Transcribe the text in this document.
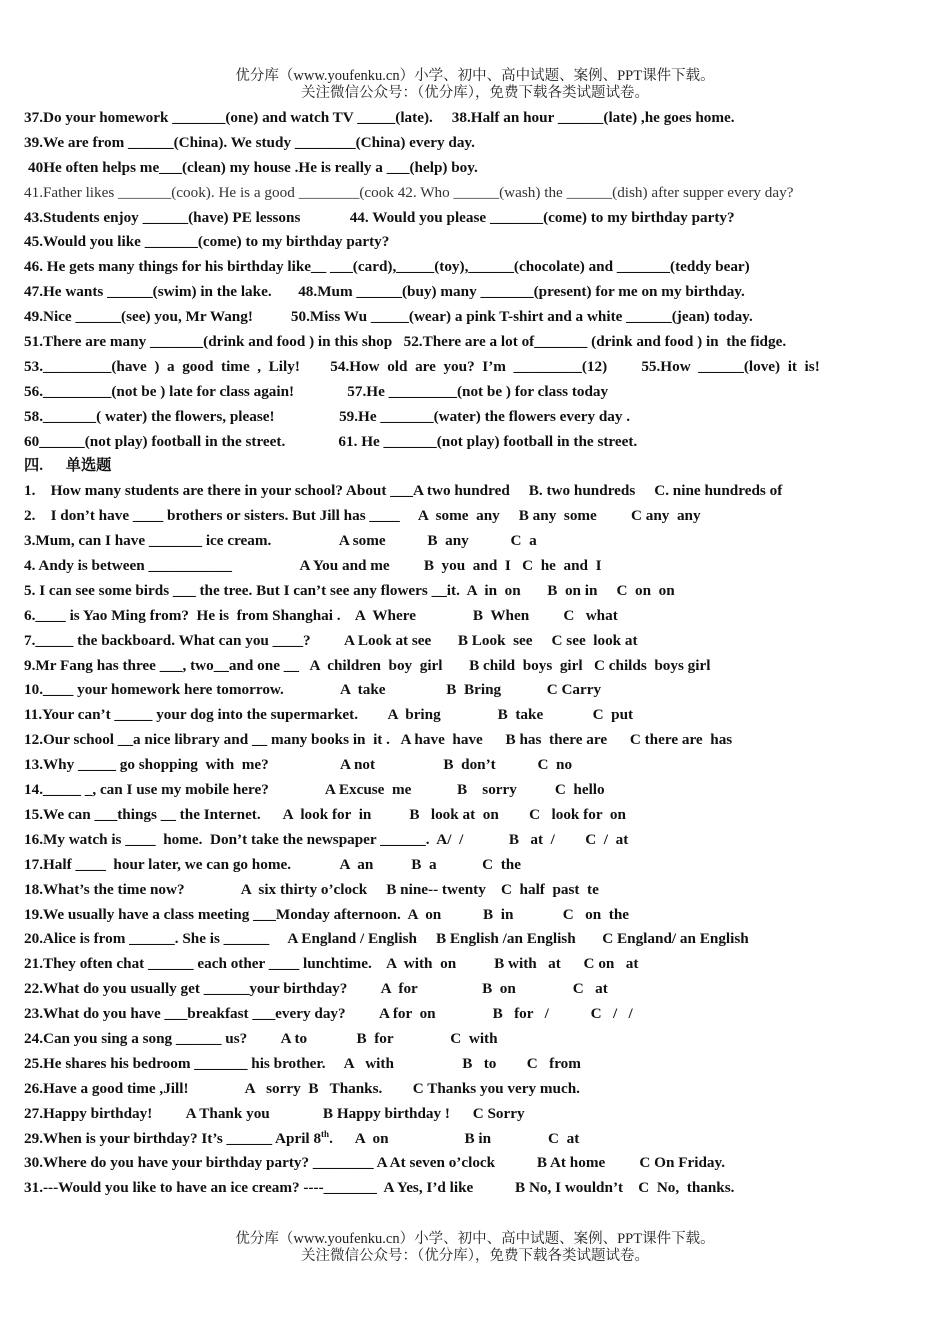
优分库（www.youfenku.cn）小学、初中、高中试题、案例、PPT课件下载。
关注微信公众号：（优分库），免费下载各类试题试卷。
37.Do your homework _______(one) and watch TV _____(late).     38.Half an hour ______(late) ,he goes home.
39.We are from ______(China). We study ________(China) every day.
40He often helps me___(clean) my house .He is really a ___(help) boy.
41.Father likes _______(cook). He is a good ________(cook 42. Who ______(wash) the ______(dish) after supper every day?
43.Students enjoy ______(have) PE lessons             44. Would you please _______(come) to my birthday party?
45.Would you like _______(come) to my birthday party?
46. He gets many things for his birthday like__ ___(card),_____(toy),______(chocolate) and _______(teddy bear)
47.He wants ______(swim) in the lake.       48.Mum ______(buy) many _______(present) for me on my birthday.
49.Nice ______(see) you, Mr Wang!          50.Miss Wu _____(wear) a pink T-shirt and a white ______(jean) today.
51.There are many _______(drink and food ) in this shop   52.There are a lot of_______ (drink and food ) in  the fidge.
53._________(have  )  a  good  time  ,  Lily!        54.How  old  are  you?  I’m  _________(12)         55.How  ______(love)  it  is!
56._________(not be ) late for class again!              57.He _________(not be ) for class today
58._______( water) the flowers, please!                 59.He _______(water) the flowers every day .
60______(not play) football in the street.              61. He _______(not play) football in the street.
四.      单选题
1.    How many students are there in your school? About ___A two hundred     B. two hundreds     C. nine hundreds of
2.    I don’t have ____ brothers or sisters. But Jill has ____     A  some  any     B any  some         C any  any
3.Mum, can I have _______ ice cream.                  A some           B  any           C  a
4. Andy is between ___________                  A You and me         B  you  and  I   C  he  and  I
5. I can see some birds ___ the tree. But I can’t see any flowers __it.  A  in  on       B  on in     C  on  on
6.____ is Yao Ming from?  He is  from Shanghai .    A  Where               B  When         C   what
7._____ the backboard. What can you ____?         A Look at see       B Look  see     C see  look at
9.Mr Fang has three ___, two__and one __   A  children  boy  girl       B child  boys  girl   C childs  boys girl
10.____ your homework here tomorrow.               A  take                B  Bring            C Carry
11.Your can’t _____ your dog into the supermarket.        A  bring               B  take             C  put
12.Our school __a nice library and __ many books in  it .   A have  have      B has  there are      C there are  has
13.Why _____ go shopping  with  me?                   A not                  B  don’t           C  no
14._____ _, can I use my mobile here?               A Excuse  me            B    sorry          C  hello
15.We can ___things __ the Internet.      A  look for  in          B   look at  on        C   look for  on
16.My watch is ____  home.  Don’t take the newspaper ______.  A/  /            B   at  /        C  /  at
17.Half ____  hour later, we can go home.             A  an          B  a            C  the
18.What’s the time now?               A  six thirty o’clock     B nine-- twenty    C  half  past  te
19.We usually have a class meeting ___Monday afternoon.  A  on           B  in             C   on  the
20.Alice is from ______. She is ______     A England / English     B English /an English       C England/ an English
21.They often chat ______ each other ____ lunchtime.    A  with  on          B with   at      C on   at
22.What do you usually get ______your birthday?         A  for                 B  on               C   at
23.What do you have ___breakfast ___every day?         A for  on               B   for   /           C   /   /
24.Can you sing a song ______ us?         A to             B  for               C  with
25.He shares his bedroom _______ his brother.     A   with                  B   to        C   from
26.Have a good time ,Jill!               A   sorry  B   Thanks.        C Thanks you very much.
27.Happy birthday!         A Thank you              B Happy birthday !      C Sorry
29.When is your birthday? It’s ______ April 8th.      A  on                    B in               C  at
30.Where do you have your birthday party? ________ A At seven o’clock           B At home         C On Friday.
31.---Would you like to have an ice cream? ----_______  A Yes, I’d like           B No, I wouldn’t    C  No,  thanks.
优分库（www.youfenku.cn）小学、初中、高中试题、案例、PPT课件下载。
关注微信公众号：（优分库），免费下载各类试题试卷。
